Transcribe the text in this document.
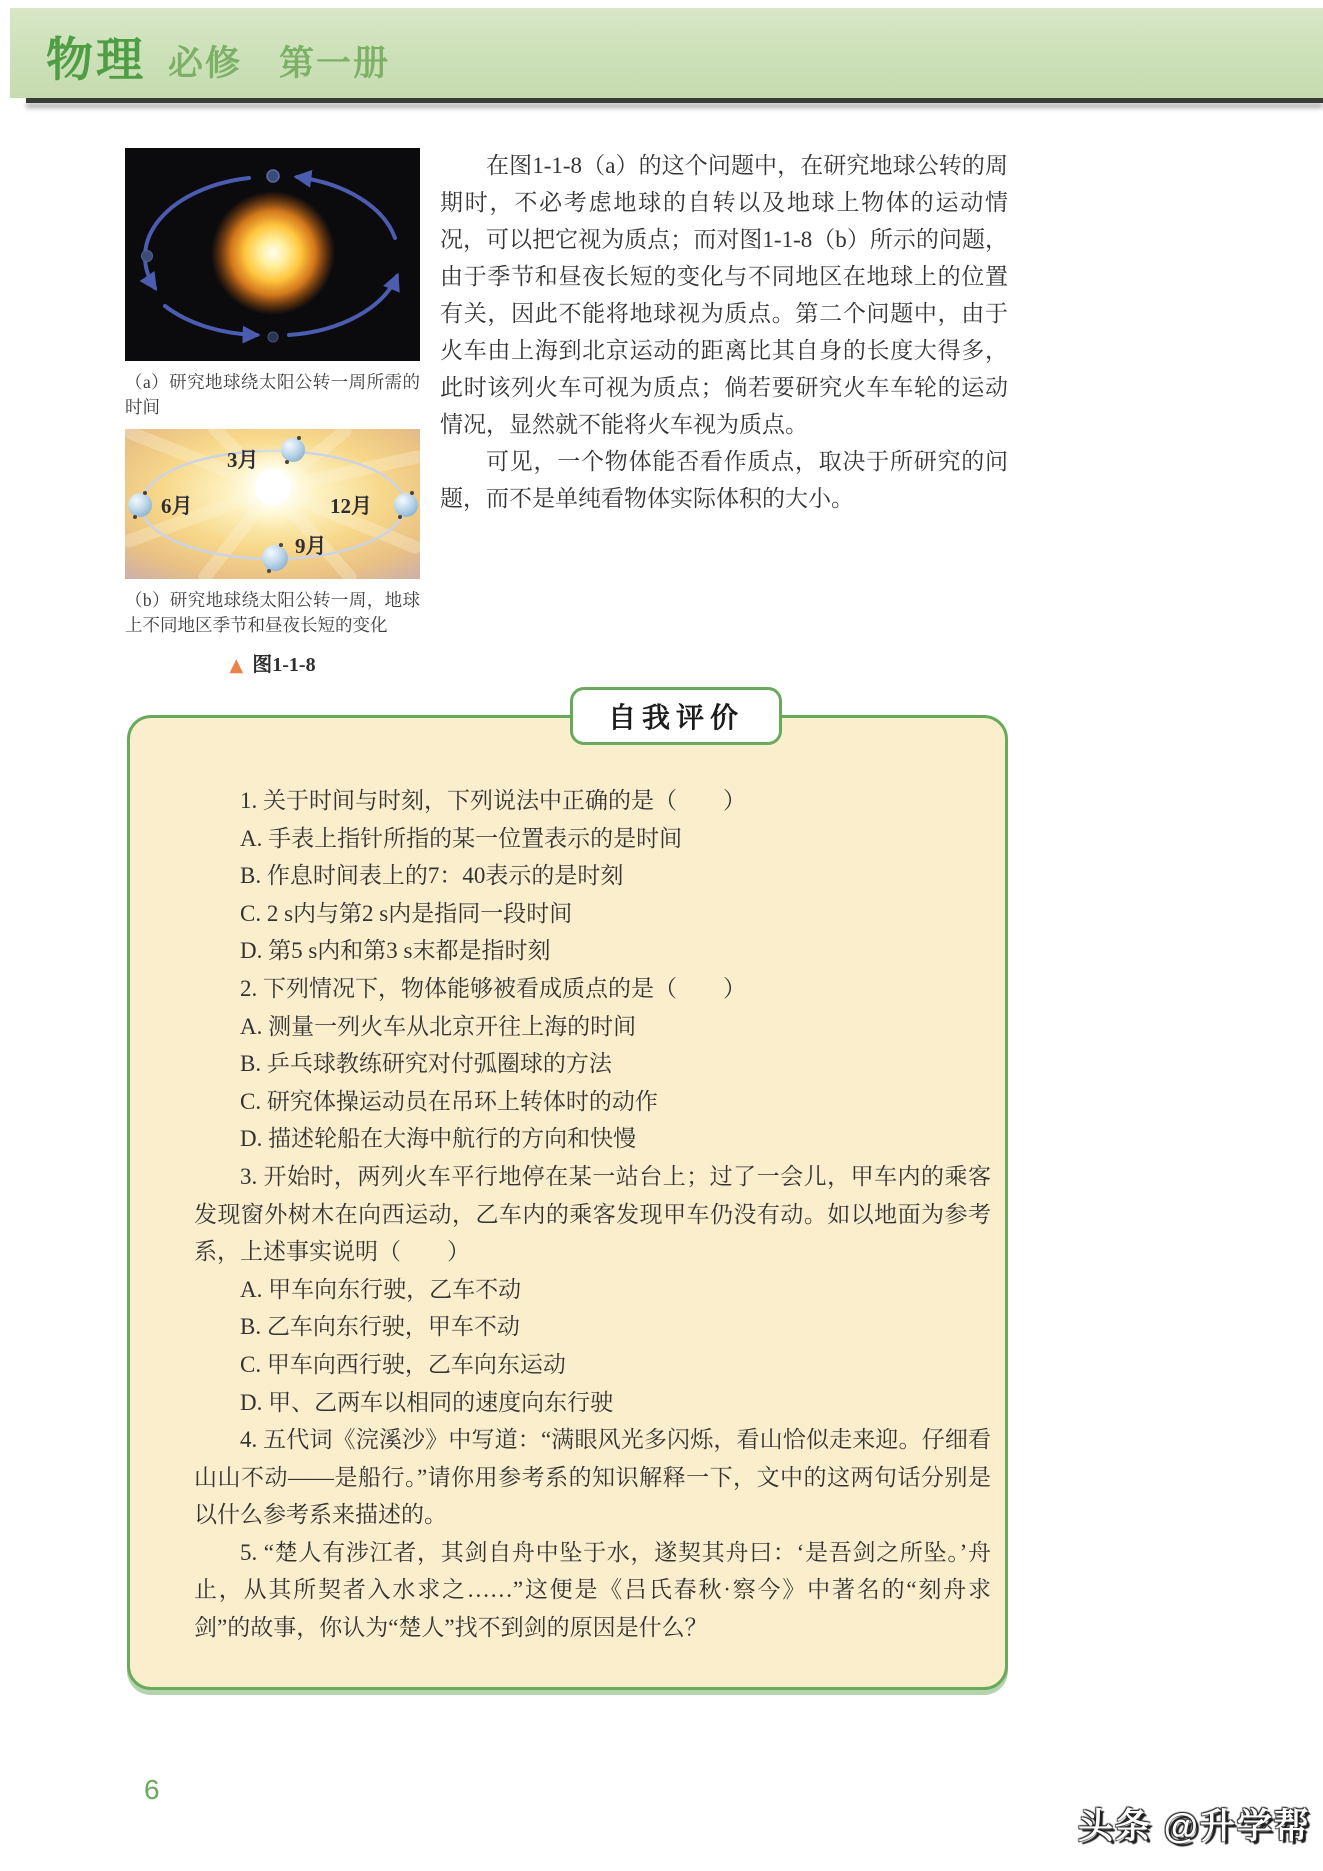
物理 必修　第一册
（a）研究地球绕太阳公转一周所需的时间
3月
6月	12月
9月
（b）研究地球绕太阳公转一周，地球上不同地区季节和昼夜长短的变化
▲ 图1-1-8

在图1-1-8（a）的这个问题中，在研究地球公转的周期时，不必考虑地球的自转以及地球上物体的运动情况，可以把它视为质点；而对图1-1-8（b）所示的问题，由于季节和昼夜长短的变化与不同地区在地球上的位置有关，因此不能将地球视为质点。第二个问题中，由于火车由上海到北京运动的距离比其自身的长度大得多，此时该列火车可视为质点；倘若要研究火车车轮的运动情况，显然就不能将火车视为质点。

可见，一个物体能否看作质点，取决于所研究的问题，而不是单纯看物体实际体积的大小。

自我评价

1. 关于时间与时刻，下列说法中正确的是（　　）

A. 手表上指针所指的某一位置表示的是时间

B. 作息时间表上的7：40表示的是时刻

C. 2 s内与第2 s内是指同一段时间

D. 第5 s内和第3 s末都是指时刻

2. 下列情况下，物体能够被看成质点的是（　　）

A. 测量一列火车从北京开往上海的时间

B. 乒乓球教练研究对付弧圈球的方法

C. 研究体操运动员在吊环上转体时的动作

D. 描述轮船在大海中航行的方向和快慢

3. 开始时，两列火车平行地停在某一站台上；过了一会儿，甲车内的乘客发现窗外树木在向西运动，乙车内的乘客发现甲车仍没有动。如以地面为参考系，上述事实说明（　　）

A. 甲车向东行驶，乙车不动

B. 乙车向东行驶，甲车不动

C. 甲车向西行驶，乙车向东运动

D. 甲、乙两车以相同的速度向东行驶

4. 五代词《浣溪沙》中写道：“满眼风光多闪烁，看山恰似走来迎。仔细看山山不动——是船行。”请你用参考系的知识解释一下，文中的这两句话分别是以什么参考系来描述的。

5. “楚人有涉江者，其剑自舟中坠于水，遂契其舟曰：‘是吾剑之所坠。’舟止，从其所契者入水求之……”这便是《吕氏春秋·察今》中著名的“刻舟求剑”的故事，你认为“楚人”找不到剑的原因是什么？

6
头条 @升学帮
